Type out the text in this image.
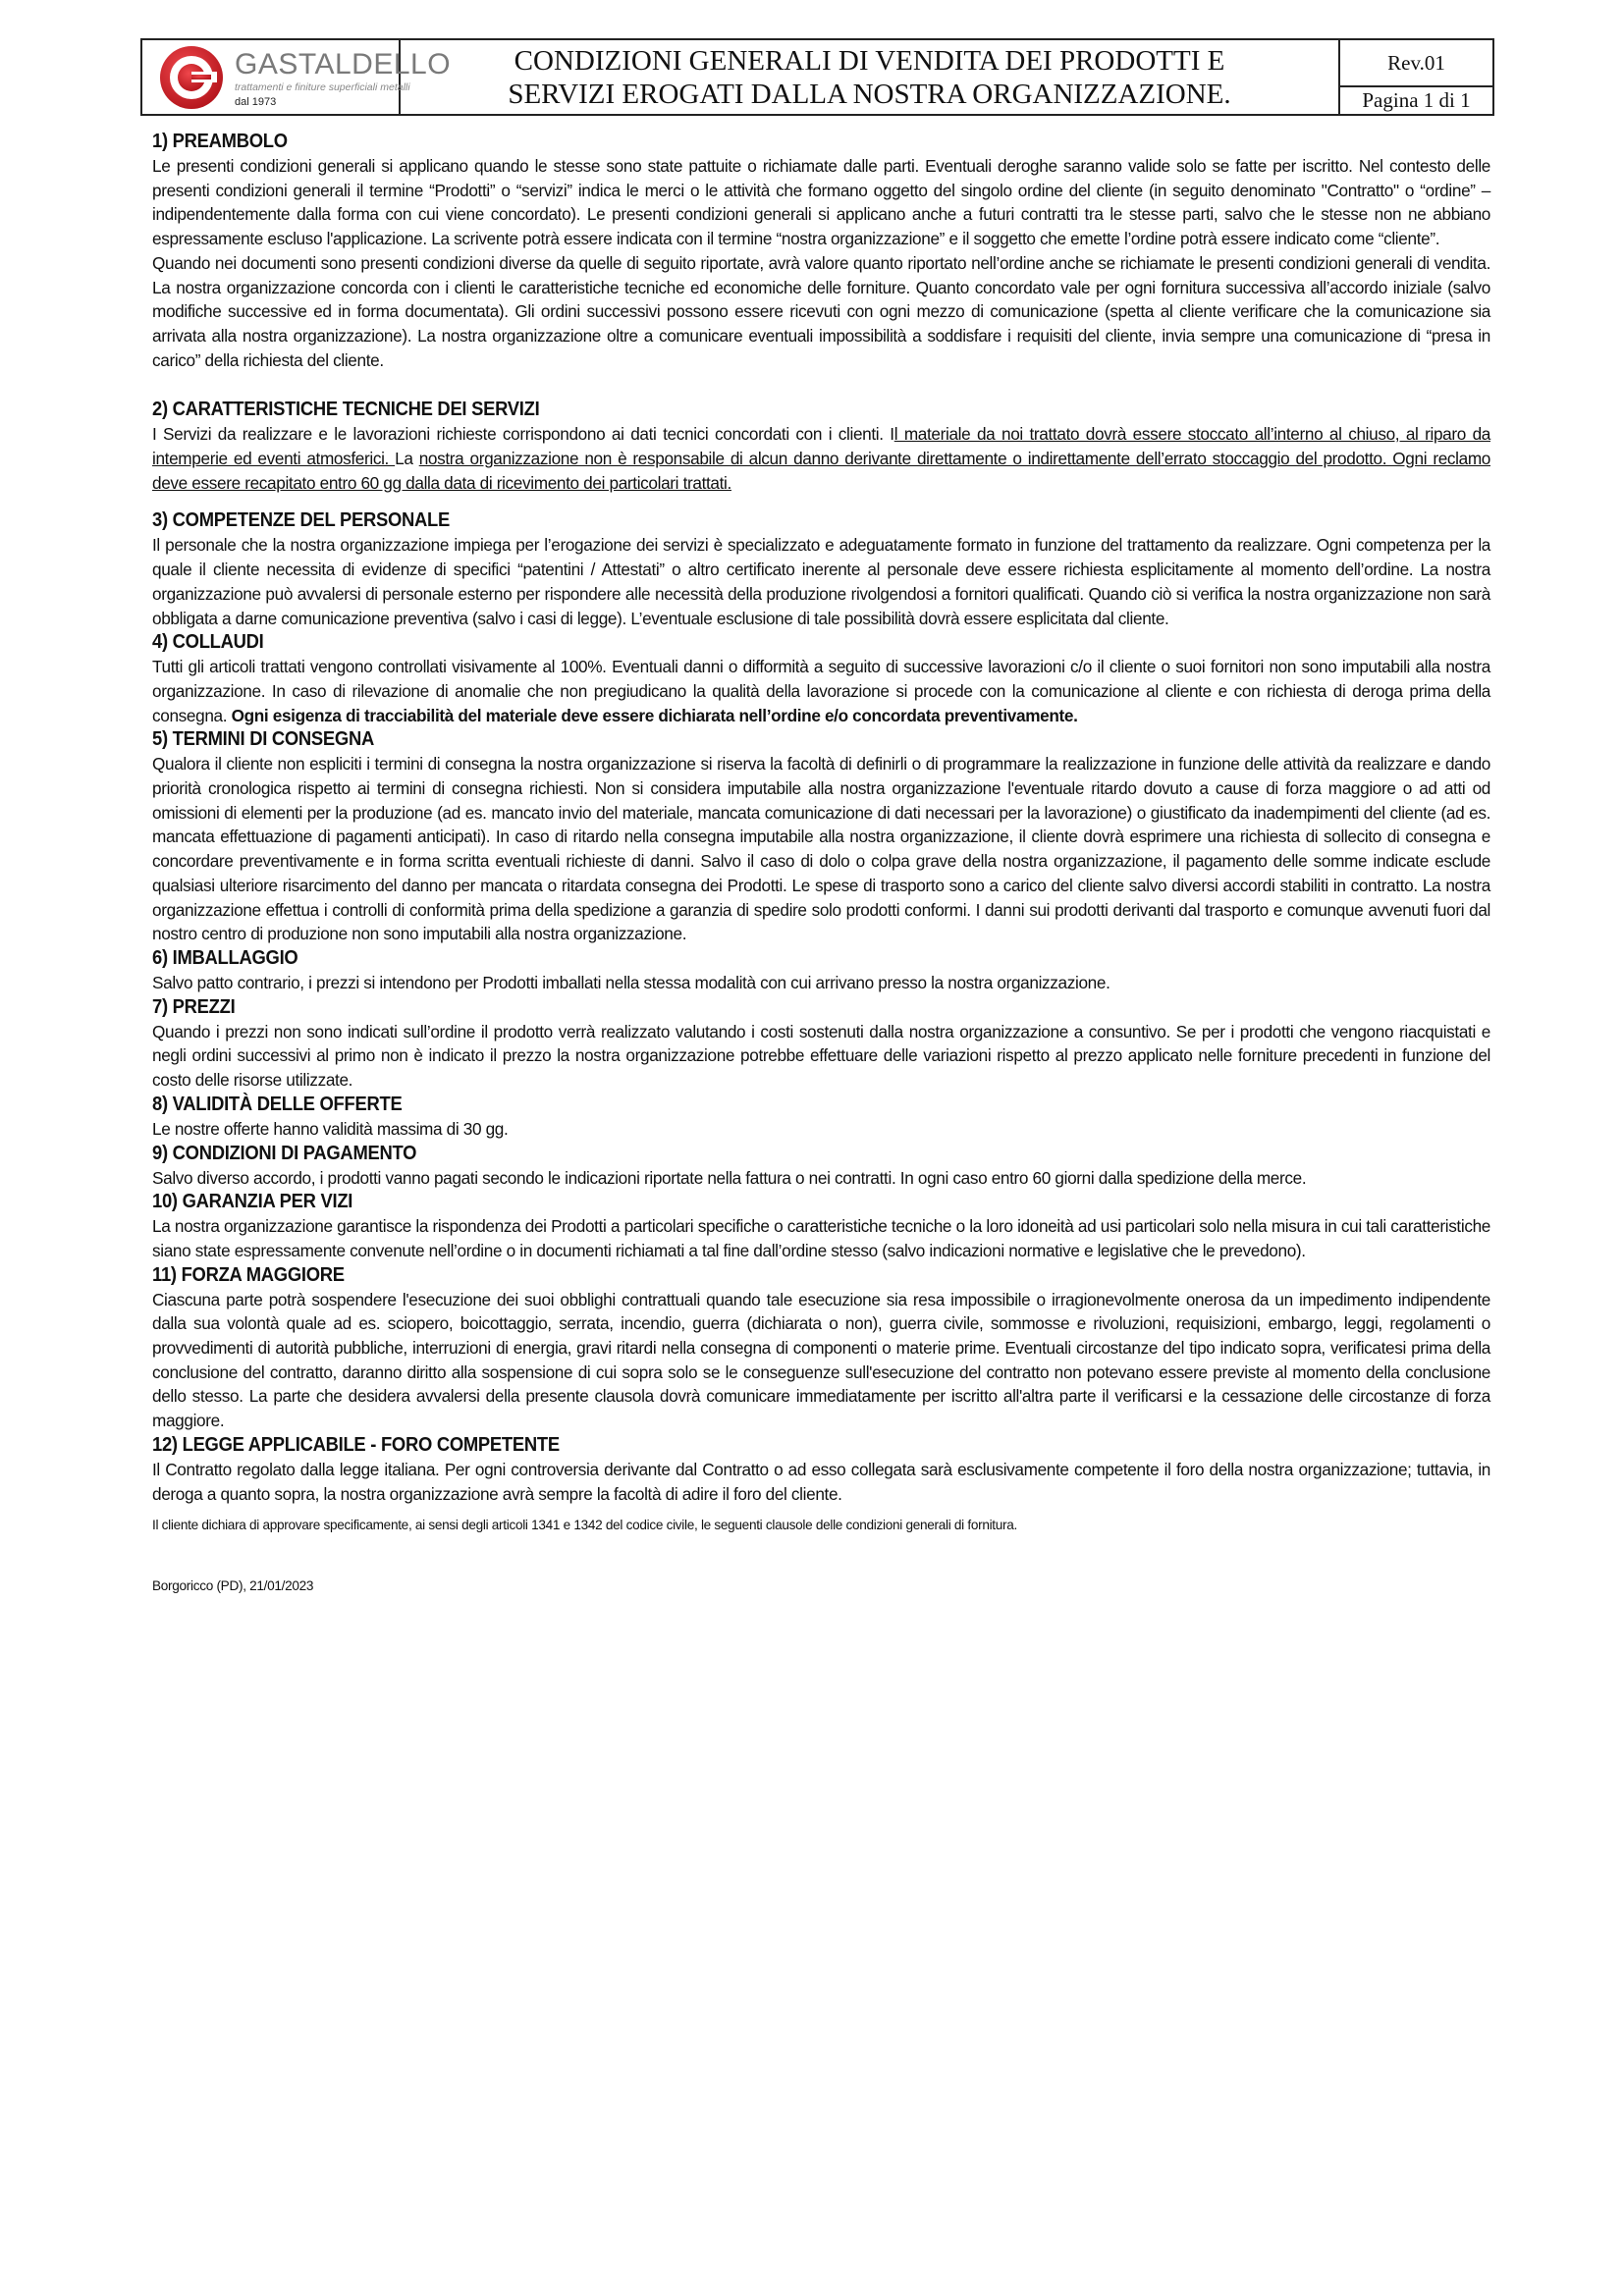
GASTALDELLO
trattamenti e finiture superficiali metalli
dal 1973
CONDIZIONI GENERALI DI VENDITA DEI PRODOTTI E
SERVIZI EROGATI DALLA NOSTRA ORGANIZZAZIONE.
Rev.01
Pagina 1 di 1
1) PREAMBOLO

Le presenti condizioni generali si applicano quando le stesse sono state pattuite o richiamate dalle parti. Eventuali deroghe saranno valide solo se fatte per iscritto. Nel contesto delle presenti condizioni generali il termine “Prodotti” o “servizi” indica le merci o le attività che formano oggetto del singolo ordine del cliente (in seguito denominato "Contratto" o “ordine” – indipendentemente dalla forma con cui viene concordato). Le presenti condizioni generali si applicano anche a futuri contratti tra le stesse parti, salvo che le stesse non ne abbiano espressamente escluso l'applicazione. La scrivente potrà essere indicata con il termine “nostra organizzazione” e il soggetto che emette l’ordine potrà essere indicato come “cliente”.

Quando nei documenti sono presenti condizioni diverse da quelle di seguito riportate, avrà valore quanto riportato nell’ordine anche se richiamate le presenti condizioni generali di vendita. La nostra organizzazione concorda con i clienti le caratteristiche tecniche ed economiche delle forniture. Quanto concordato vale per ogni fornitura successiva all’accordo iniziale (salvo modifiche successive ed in forma documentata). Gli ordini successivi possono essere ricevuti con ogni mezzo di comunicazione (spetta al cliente verificare che la comunicazione sia arrivata alla nostra organizzazione). La nostra organizzazione oltre a comunicare eventuali impossibilità a soddisfare i requisiti del cliente, invia sempre una comunicazione di “presa in carico” della richiesta del cliente.

2) CARATTERISTICHE TECNICHE DEI SERVIZI

I Servizi da realizzare e le lavorazioni richieste corrispondono ai dati tecnici concordati con i clienti. Il materiale da noi trattato dovrà essere stoccato all’interno al chiuso, al riparo da intemperie ed eventi atmosferici. La nostra organizzazione non è responsabile di alcun danno derivante direttamente o indirettamente dell’errato stoccaggio del prodotto. Ogni reclamo deve essere recapitato entro 60 gg dalla data di ricevimento dei particolari trattati.

3) COMPETENZE DEL PERSONALE

Il personale che la nostra organizzazione impiega per l’erogazione dei servizi è specializzato e adeguatamente formato in funzione del trattamento da realizzare. Ogni competenza per la quale il cliente necessita di evidenze di specifici “patentini / Attestati” o altro certificato inerente al personale deve essere richiesta esplicitamente al momento dell’ordine. La nostra organizzazione può avvalersi di personale esterno per rispondere alle necessità della produzione rivolgendosi a fornitori qualificati. Quando ciò si verifica la nostra organizzazione non sarà obbligata a darne comunicazione preventiva (salvo i casi di legge). L’eventuale esclusione di tale possibilità dovrà essere esplicitata dal cliente.

4) COLLAUDI

Tutti gli articoli trattati vengono controllati visivamente al 100%. Eventuali danni o difformità a seguito di successive lavorazioni c/o il cliente o suoi fornitori non sono imputabili alla nostra organizzazione. In caso di rilevazione di anomalie che non pregiudicano la qualità della lavorazione si procede con la comunicazione al cliente e con richiesta di deroga prima della consegna. Ogni esigenza di tracciabilità del materiale deve essere dichiarata nell’ordine e/o concordata preventivamente.

5) TERMINI DI CONSEGNA

Qualora il cliente non espliciti i termini di consegna la nostra organizzazione si riserva la facoltà di definirli o di programmare la realizzazione in funzione delle attività da realizzare e dando priorità cronologica rispetto ai termini di consegna richiesti. Non si considera imputabile alla nostra organizzazione l'eventuale ritardo dovuto a cause di forza maggiore o ad atti od omissioni di elementi per la produzione (ad es. mancato invio del materiale, mancata comunicazione di dati necessari per la lavorazione) o giustificato da inadempimenti del cliente (ad es. mancata effettuazione di pagamenti anticipati). In caso di ritardo nella consegna imputabile alla nostra organizzazione, il cliente dovrà esprimere una richiesta di sollecito di consegna e concordare preventivamente e in forma scritta eventuali richieste di danni. Salvo il caso di dolo o colpa grave della nostra organizzazione, il pagamento delle somme indicate esclude qualsiasi ulteriore risarcimento del danno per mancata o ritardata consegna dei Prodotti. Le spese di trasporto sono a carico del cliente salvo diversi accordi stabiliti in contratto. La nostra organizzazione effettua i controlli di conformità prima della spedizione a garanzia di spedire solo prodotti conformi. I danni sui prodotti derivanti dal trasporto e comunque avvenuti fuori dal nostro centro di produzione non sono imputabili alla nostra organizzazione.

6) IMBALLAGGIO

Salvo patto contrario, i prezzi si intendono per Prodotti imballati nella stessa modalità con cui arrivano presso la nostra organizzazione.

7) PREZZI

Quando i prezzi non sono indicati sull’ordine il prodotto verrà realizzato valutando i costi sostenuti dalla nostra organizzazione a consuntivo. Se per i prodotti che vengono riacquistati e negli ordini successivi al primo non è indicato il prezzo la nostra organizzazione potrebbe effettuare delle variazioni rispetto al prezzo applicato nelle forniture precedenti in funzione del costo delle risorse utilizzate.

8) VALIDITÀ DELLE OFFERTE

Le nostre offerte hanno validità massima di 30 gg.

9) CONDIZIONI DI PAGAMENTO

Salvo diverso accordo, i prodotti vanno pagati secondo le indicazioni riportate nella fattura o nei contratti. In ogni caso entro 60 giorni dalla spedizione della merce.

10) GARANZIA PER VIZI

La nostra organizzazione garantisce la rispondenza dei Prodotti a particolari specifiche o caratteristiche tecniche o la loro idoneità ad usi particolari solo nella misura in cui tali caratteristiche siano state espressamente convenute nell’ordine o in documenti richiamati a tal fine dall’ordine stesso (salvo indicazioni normative e legislative che le prevedono).

11) FORZA MAGGIORE

Ciascuna parte potrà sospendere l'esecuzione dei suoi obblighi contrattuali quando tale esecuzione sia resa impossibile o irragionevolmente onerosa da un impedimento indipendente dalla sua volontà quale ad es. sciopero, boicottaggio, serrata, incendio, guerra (dichiarata o non), guerra civile, sommosse e rivoluzioni, requisizioni, embargo, leggi, regolamenti o provvedimenti di autorità pubbliche, interruzioni di energia, gravi ritardi nella consegna di componenti o materie prime. Eventuali circostanze del tipo indicato sopra, verificatesi prima della conclusione del contratto, daranno diritto alla sospensione di cui sopra solo se le conseguenze sull'esecuzione del contratto non potevano essere previste al momento della conclusione dello stesso. La parte che desidera avvalersi della presente clausola dovrà comunicare immediatamente per iscritto all'altra parte il verificarsi e la cessazione delle circostanze di forza maggiore.

12) LEGGE APPLICABILE - FORO COMPETENTE

Il Contratto regolato dalla legge italiana. Per ogni controversia derivante dal Contratto o ad esso collegata sarà esclusivamente competente il foro della nostra organizzazione; tuttavia, in deroga a quanto sopra, la nostra organizzazione avrà sempre la facoltà di adire il foro del cliente.

Il cliente dichiara di approvare specificamente, ai sensi degli articoli 1341 e 1342 del codice civile, le seguenti clausole delle condizioni generali di fornitura.

Borgoricco (PD), 21/01/2023
